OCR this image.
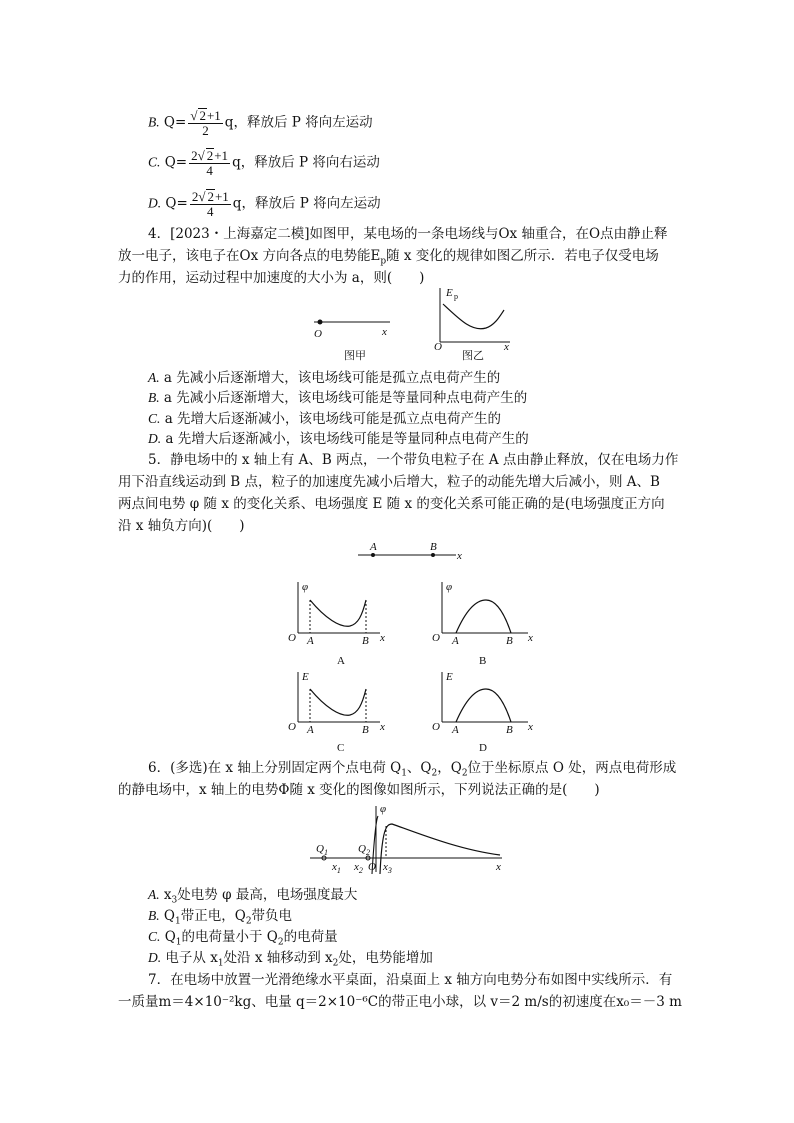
B. $Q= \frac{√ 2+1}{2}$ q，释放后 P 将向左运动
C. $Q= \frac{2√ 2+1}{4}$ q，释放后 P 将向右运动
D. $Q= \frac{2√ 2+1}{4}$ q，释放后 P 将向左运动
4．[2023・上海嘉定二模]如图甲，某电场的一条电场线与Ox 轴重合，在O点由静止释
放一电子，该电子在Ox 方向各点的电势能$E_p$随 x 变化的规律如图乙所示．若电子仅受电场
力的作用，运动过程中加速度的大小为 a，则(　　)
O	x
图甲
E p
O	x
图乙
A. a 先减小后逐渐增大，该电场线可能是孤立点电荷产生的
B. a 先减小后逐渐增大，该电场线可能是等量同种点电荷产生的
C. a 先增大后逐渐减小，该电场线可能是孤立点电荷产生的
D. a 先增大后逐渐减小，该电场线可能是等量同种点电荷产生的
5．静电场中的 x 轴上有 A、B 两点，一个带负电粒子在 A 点由静止释放，仅在电场力作
用下沿直线运动到 B 点，粒子的加速度先减小后增大，粒子的动能先增大后减小，则 A、B
两点间电势 φ 随 x 的变化关系、电场强度 E 随 x 的变化关系可能正确的是(电场强度正方向
沿 x 轴负方向)(　　)
A	B
x
φ
O A	B x
A
φ
O A	B x
B
E
O A	B x
C
E
O A	B x
D
6．(多选)在 x 轴上分别固定两个点电荷 $Q_1$、$Q_2$，$Q_2$位于坐标原点 O 处，两点电荷形成
的静电场中，x 轴上的电势Φ随 x 变化的图像如图所示，下列说法正确的是(　　)
φ
$Q_1$	$Q_2$
$x_1$ $x_2$ O $x_3$	x
A. $x_3$处电势 φ 最高，电场强度最大
B. $Q_1$带正电，$Q_2$带负电
C. $Q_1$的电荷量小于 $Q_2$的电荷量
D. 电子从 $x_1$处沿 x 轴移动到 $x_2$处，电势能增加
7．在电场中放置一光滑绝缘水平桌面，沿桌面上 x 轴方向电势分布如图中实线所示．有
一质量m＝4×10⁻²kg、电量 q＝2×10⁻⁶C的带正电小球，以 v＝2 m/s的初速度在x₀＝－3 m
